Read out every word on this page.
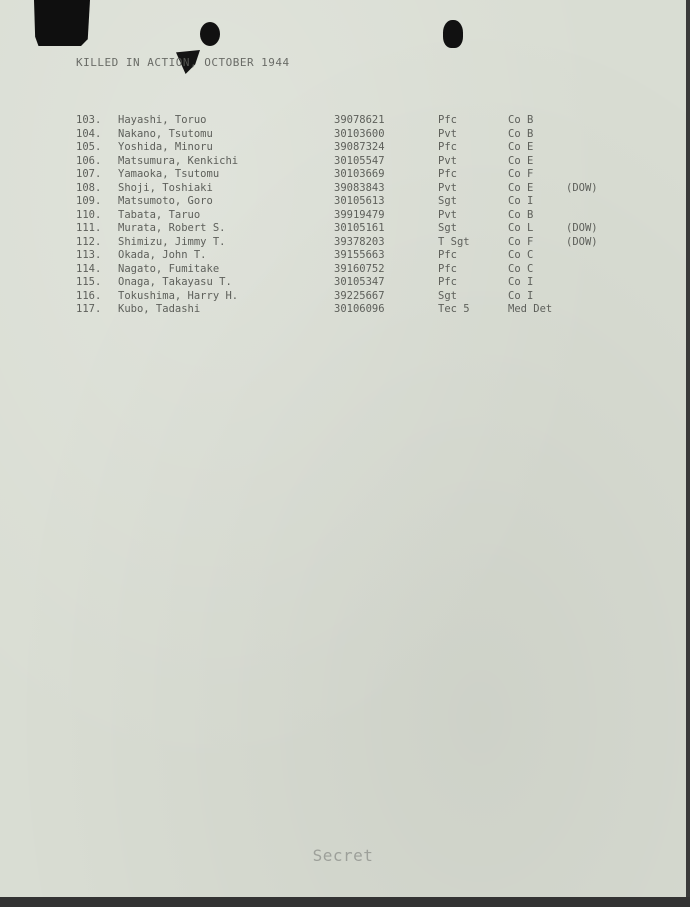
KILLED IN ACTION, OCTOBER 1944
103.	Hayashi, Toruo	39078621	Pfc	Co B
104.	Nakano, Tsutomu	30103600	Pvt	Co B
105.	Yoshida, Minoru	39087324	Pfc	Co E
106.	Matsumura, Kenkichi	30105547	Pvt	Co E
107.	Yamaoka, Tsutomu	30103669	Pfc	Co F
108.	Shoji, Toshiaki	39083843	Pvt	Co E	(DOW)
109.	Matsumoto, Goro	30105613	Sgt	Co I
110.	Tabata, Taruo	39919479	Pvt	Co B
111.	Murata, Robert S.	30105161	Sgt	Co L	(DOW)
112.	Shimizu, Jimmy T.	39378203	T Sgt	Co F	(DOW)
113.	Okada, John T.	39155663	Pfc	Co C
114.	Nagato, Fumitake	39160752	Pfc	Co C
115.	Onaga, Takayasu T.	30105347	Pfc	Co I
116.	Tokushima, Harry H.	39225667	Sgt	Co I
117.	Kubo, Tadashi	30106096	Tec 5	Med Det
Secret
